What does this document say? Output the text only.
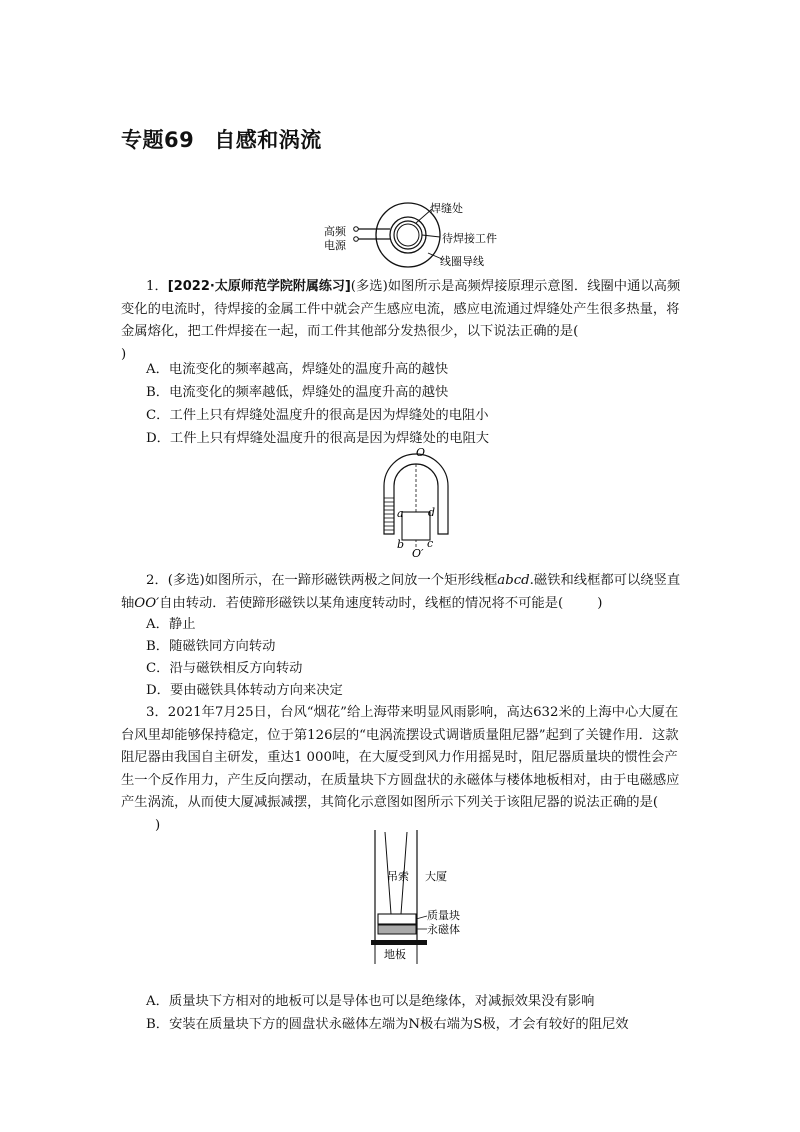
专题69 自感和涡流
高频
电源
焊缝处
待焊接工件
线圈导线
1．[2022·太原师范学院附属练习](多选)如图所示是高频焊接原理示意图．线圈中通以高频变化的电流时，待焊接的金属工件中就会产生感应电流，感应电流通过焊缝处产生很多热量，将金属熔化，把工件焊接在一起，而工件其他部分发热很少，以下说法正确的是(
)
A．电流变化的频率越高，焊缝处的温度升高的越快
B．电流变化的频率越低，焊缝处的温度升高的越快
C．工件上只有焊缝处温度升的很高是因为焊缝处的电阻小
D．工件上只有焊缝处温度升的很高是因为焊缝处的电阻大
O
a d
b c
O′
2．(多选)如图所示，在一蹄形磁铁两极之间放一个矩形线框abcd.磁铁和线框都可以绕竖直轴OO′自由转动．若使蹄形磁铁以某角速度转动时，线框的情况将不可能是(	)
A．静止
B．随磁铁同方向转动
C．沿与磁铁相反方向转动
D．要由磁铁具体转动方向来决定
3．2021年7月25日，台风“烟花”给上海带来明显风雨影响，高达632米的上海中心大厦在台风里却能够保持稳定，位于第126层的“电涡流摆设式调谐质量阻尼器”起到了关键作用．这款阻尼器由我国自主研发，重达1 000吨，在大厦受到风力作用摇晃时，阻尼器质量块的惯性会产生一个反作用力，产生反向摆动，在质量块下方圆盘状的永磁体与楼体地板相对，由于电磁感应产生涡流，从而使大厦减振减摆，其简化示意图如图所示下列关于该阻尼器的说法正确的是()
吊索 大厦
质量块
永磁体
地板
A．质量块下方相对的地板可以是导体也可以是绝缘体，对减振效果没有影响
B．安装在质量块下方的圆盘状永磁体左端为N极右端为S极，才会有较好的阻尼效
